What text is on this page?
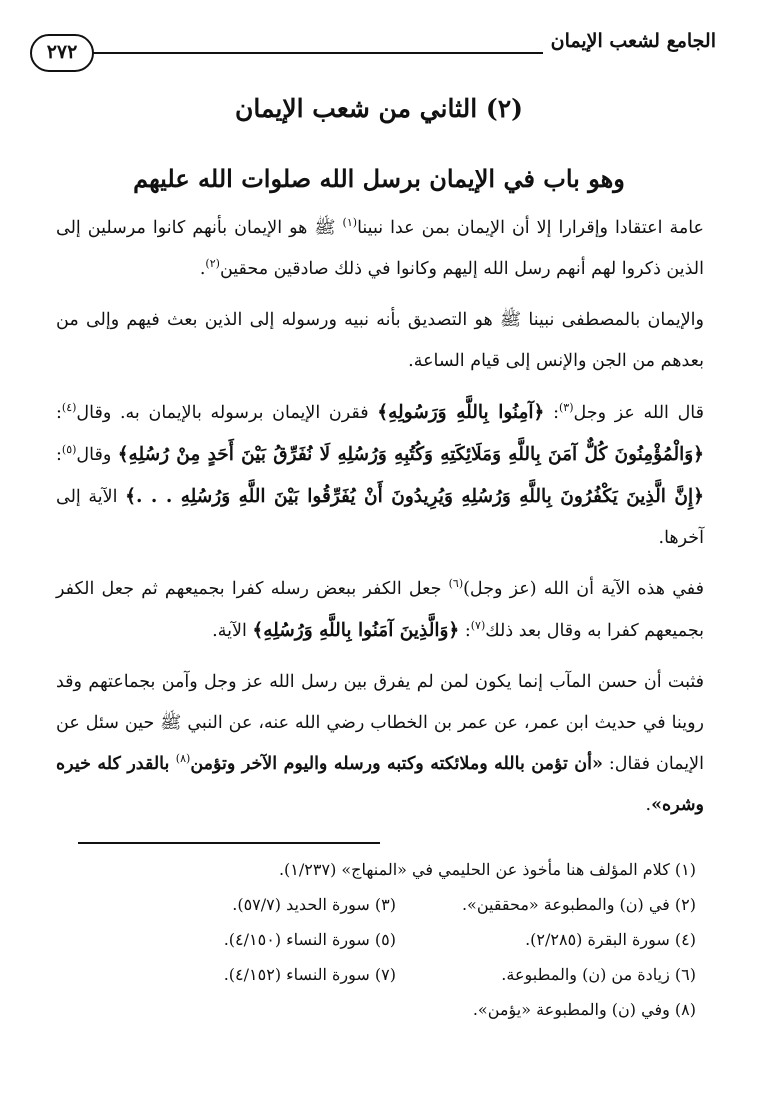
الجامع لشعب الإيمان
٢٧٢
(٢) الثاني من شعب الإيمان
وهو باب في الإيمان برسل الله صلوات الله عليهم

عامة اعتقادا وإقرارا إلا أن الإيمان بمن عدا نبينا$^{(١)}$ ﷺ هو الإيمان بأنهم كانوا مرسلين إلى الذين ذكروا لهم أنهم رسل الله إليهم وكانوا في ذلك صادقين محقين$^{(٢)}$.

والإيمان بالمصطفى نبينا ﷺ هو التصديق بأنه نبيه ورسوله إلى الذين بعث فيهم وإلى من بعدهم من الجن والإنس إلى قيام الساعة.

قال الله عز وجل$^{(٣)}$: ﴿آمِنُوا بِاللَّهِ وَرَسُولِهِ﴾ فقرن الإيمان برسوله بالإيمان به. وقال$^{(٤)}$: ﴿وَالْمُؤْمِنُونَ كُلٌّ آمَنَ بِاللَّهِ وَمَلَائِكَتِهِ وَكُتُبِهِ وَرُسُلِهِ لَا نُفَرِّقُ بَيْنَ أَحَدٍ مِنْ رُسُلِهِ﴾ وقال$^{(٥)}$: ﴿إِنَّ الَّذِينَ يَكْفُرُونَ بِاللَّهِ وَرُسُلِهِ وَيُرِيدُونَ أَنْ يُفَرِّقُوا بَيْنَ اللَّهِ وَرُسُلِهِ . . .﴾ الآية إلى آخرها.

ففي هذه الآية أن الله (عز وجل)$^{(٦)}$ جعل الكفر ببعض رسله كفرا بجميعهم ثم جعل الكفر بجميعهم كفرا به وقال بعد ذلك$^{(٧)}$: ﴿وَالَّذِينَ آمَنُوا بِاللَّهِ وَرُسُلِهِ﴾ الآية.

فثبت أن حسن المآب إنما يكون لمن لم يفرق بين رسل الله عز وجل وآمن بجماعتهم وقد روينا في حديث ابن عمر، عن عمر بن الخطاب رضي الله عنه، عن النبي ﷺ حين سئل عن الإيمان فقال: «أن تؤمن بالله وملائكته وكتبه ورسله واليوم الآخر وتؤمن$^{(٨)}$ بالقدر كله خيره وشره».

(١) كلام المؤلف هنا مأخوذ عن الحليمي في «المنهاج» (١/٢٣٧).
(٢) في (ن) والمطبوعة «محققين».
(٣) سورة الحديد (٥٧/٧).
(٤) سورة البقرة (٢/٢٨٥).
(٥) سورة النساء (٤/١٥٠).
(٦) زيادة من (ن) والمطبوعة.
(٧) سورة النساء (٤/١٥٢).
(٨) وفي (ن) والمطبوعة «يؤمن».
